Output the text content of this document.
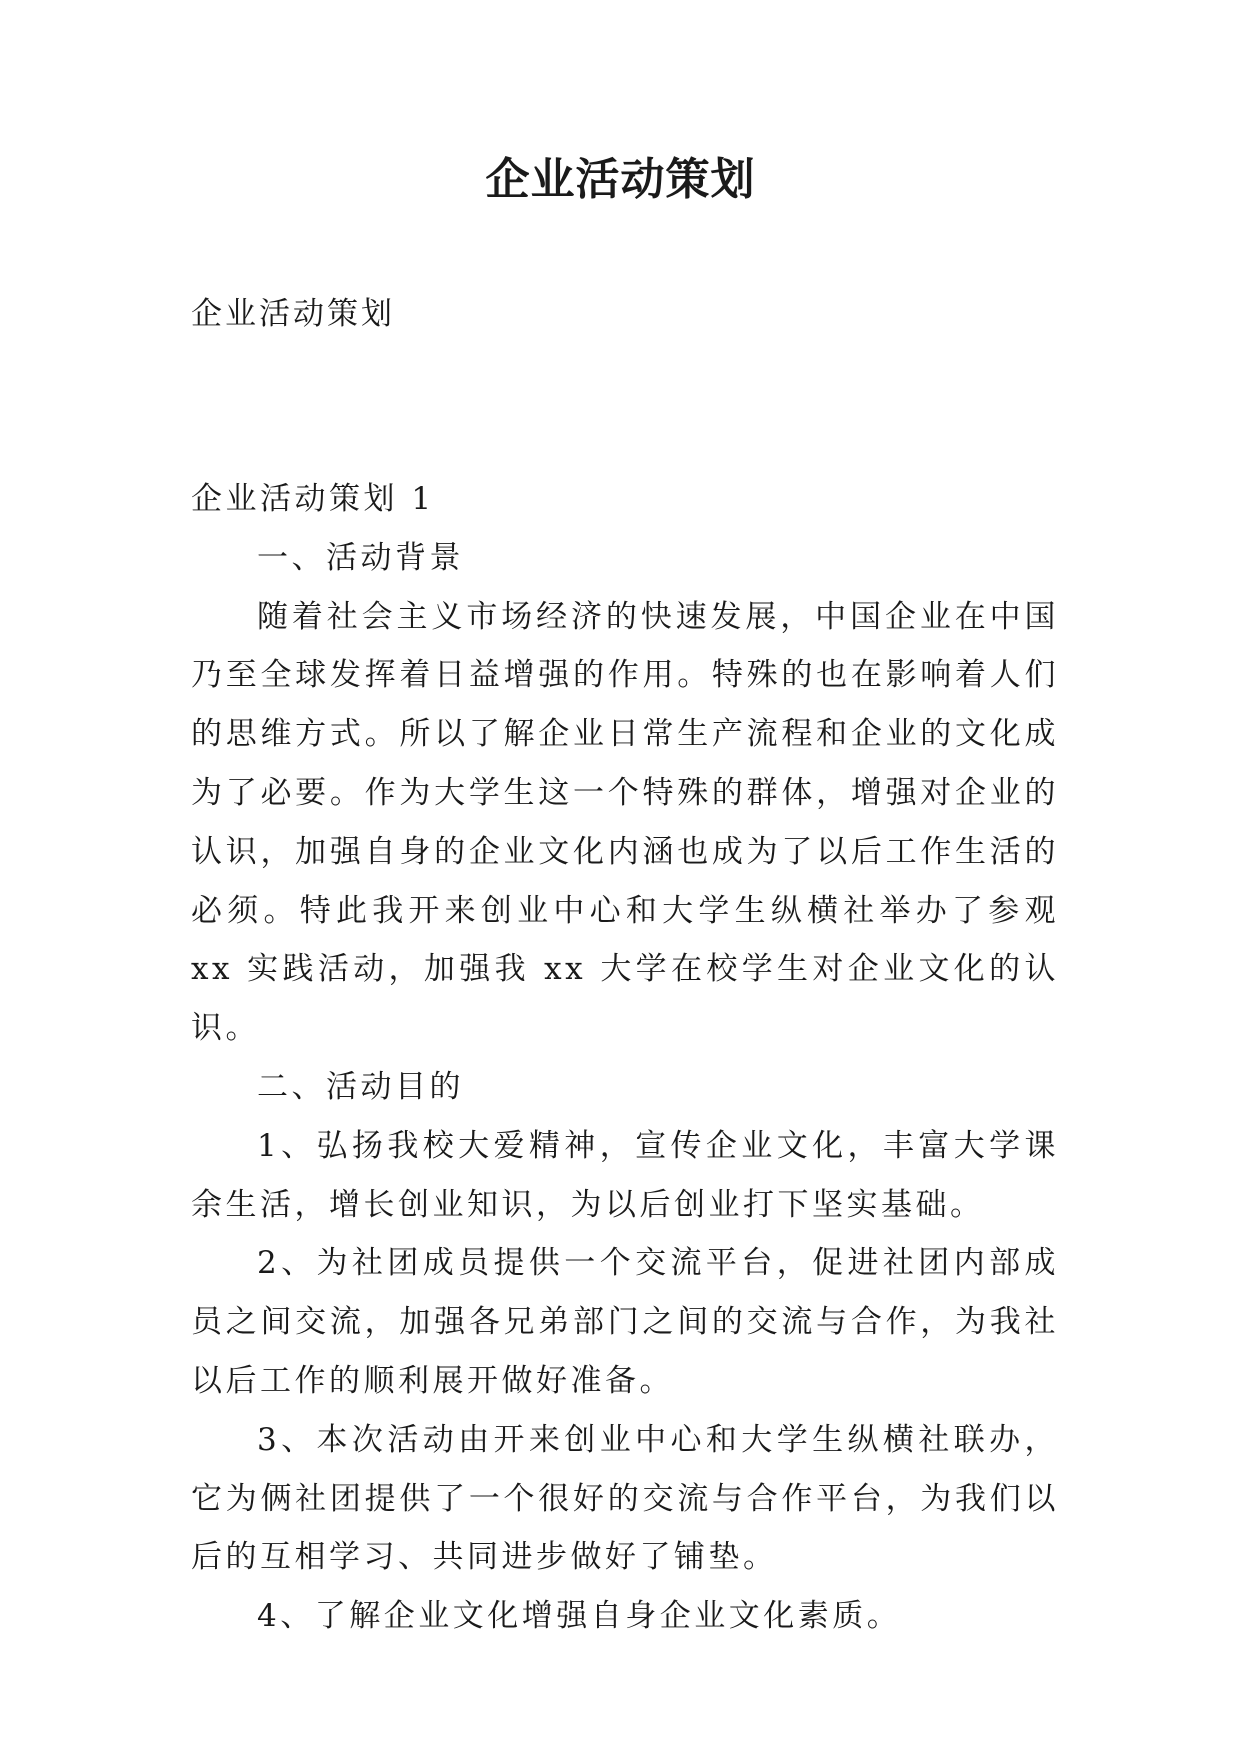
企业活动策划
企业活动策划

企业活动策划 1

一、活动背景

随着社会主义市场经济的快速发展，中国企业在中国乃至全球发挥着日益增强的作用。特殊的也在影响着人们的思维方式。所以了解企业日常生产流程和企业的文化成为了必要。作为大学生这一个特殊的群体，增强对企业的认识，加强自身的企业文化内涵也成为了以后工作生活的必须。特此我开来创业中心和大学生纵横社举办了参观 xx 实践活动，加强我 xx 大学在校学生对企业文化的认识。

二、活动目的

1、弘扬我校大爱精神，宣传企业文化，丰富大学课余生活，增长创业知识，为以后创业打下坚实基础。

2、为社团成员提供一个交流平台，促进社团内部成员之间交流，加强各兄弟部门之间的交流与合作，为我社以后工作的顺利展开做好准备。

3、本次活动由开来创业中心和大学生纵横社联办，它为俩社团提供了一个很好的交流与合作平台，为我们以后的互相学习、共同进步做好了铺垫。

4、了解企业文化增强自身企业文化素质。
